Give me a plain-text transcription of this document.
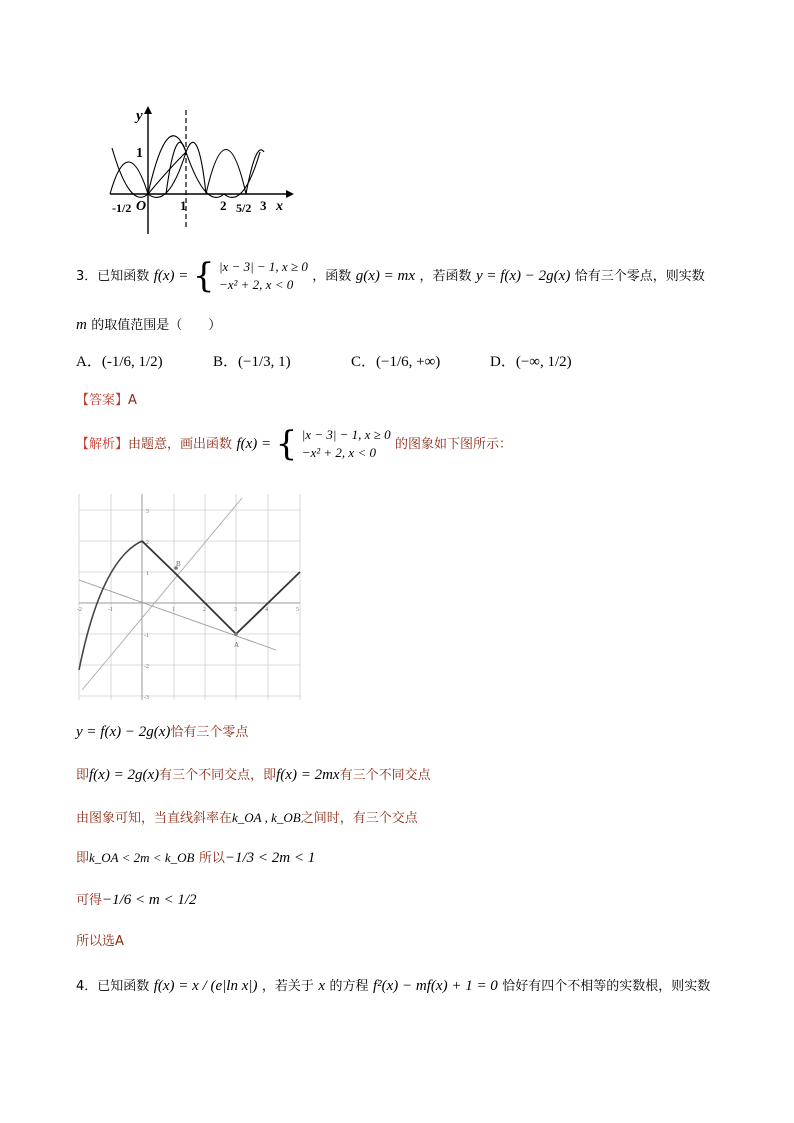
y
1
O	x
-1/2	1	2 5/2 3
3．已知函数 f(x) = { |x − 3| − 1, x ≥ 0
−x² + 2, x < 0
，函数 g(x) = mx ，若函数 y = f(x) − 2g(x) 恰有三个零点，则实数
m 的取值范围是（　　）
A．(-1/6, 1/2)	B．(−1/3, 1)	C．(−1/6, +∞)	D．(−∞, 1/2)
【答案】A
【解析】由题意，画出函数 f(x) = { |x − 3| − 1, x ≥ 0
−x² + 2, x < 0
的图象如下图所示：
A
B
-2	-1	1	2	3	4	5
3
2
1
-1
-2
-3
y = f(x) − 2g(x)恰有三个零点
即f(x) = 2g(x)有三个不同交点，即f(x) = 2mx有三个不同交点
由图象可知，当直线斜率在k_OA , k_OB之间时，有三个交点
即k_OA < 2m < k_OB 所以−1/3 < 2m < 1
可得−1/6 < m < 1/2
所以选A
4．已知函数 f(x) = x / (e|ln x|) ，若关于 x 的方程 f²(x) − mf(x) + 1 = 0 恰好有四个不相等的实数根，则实数
